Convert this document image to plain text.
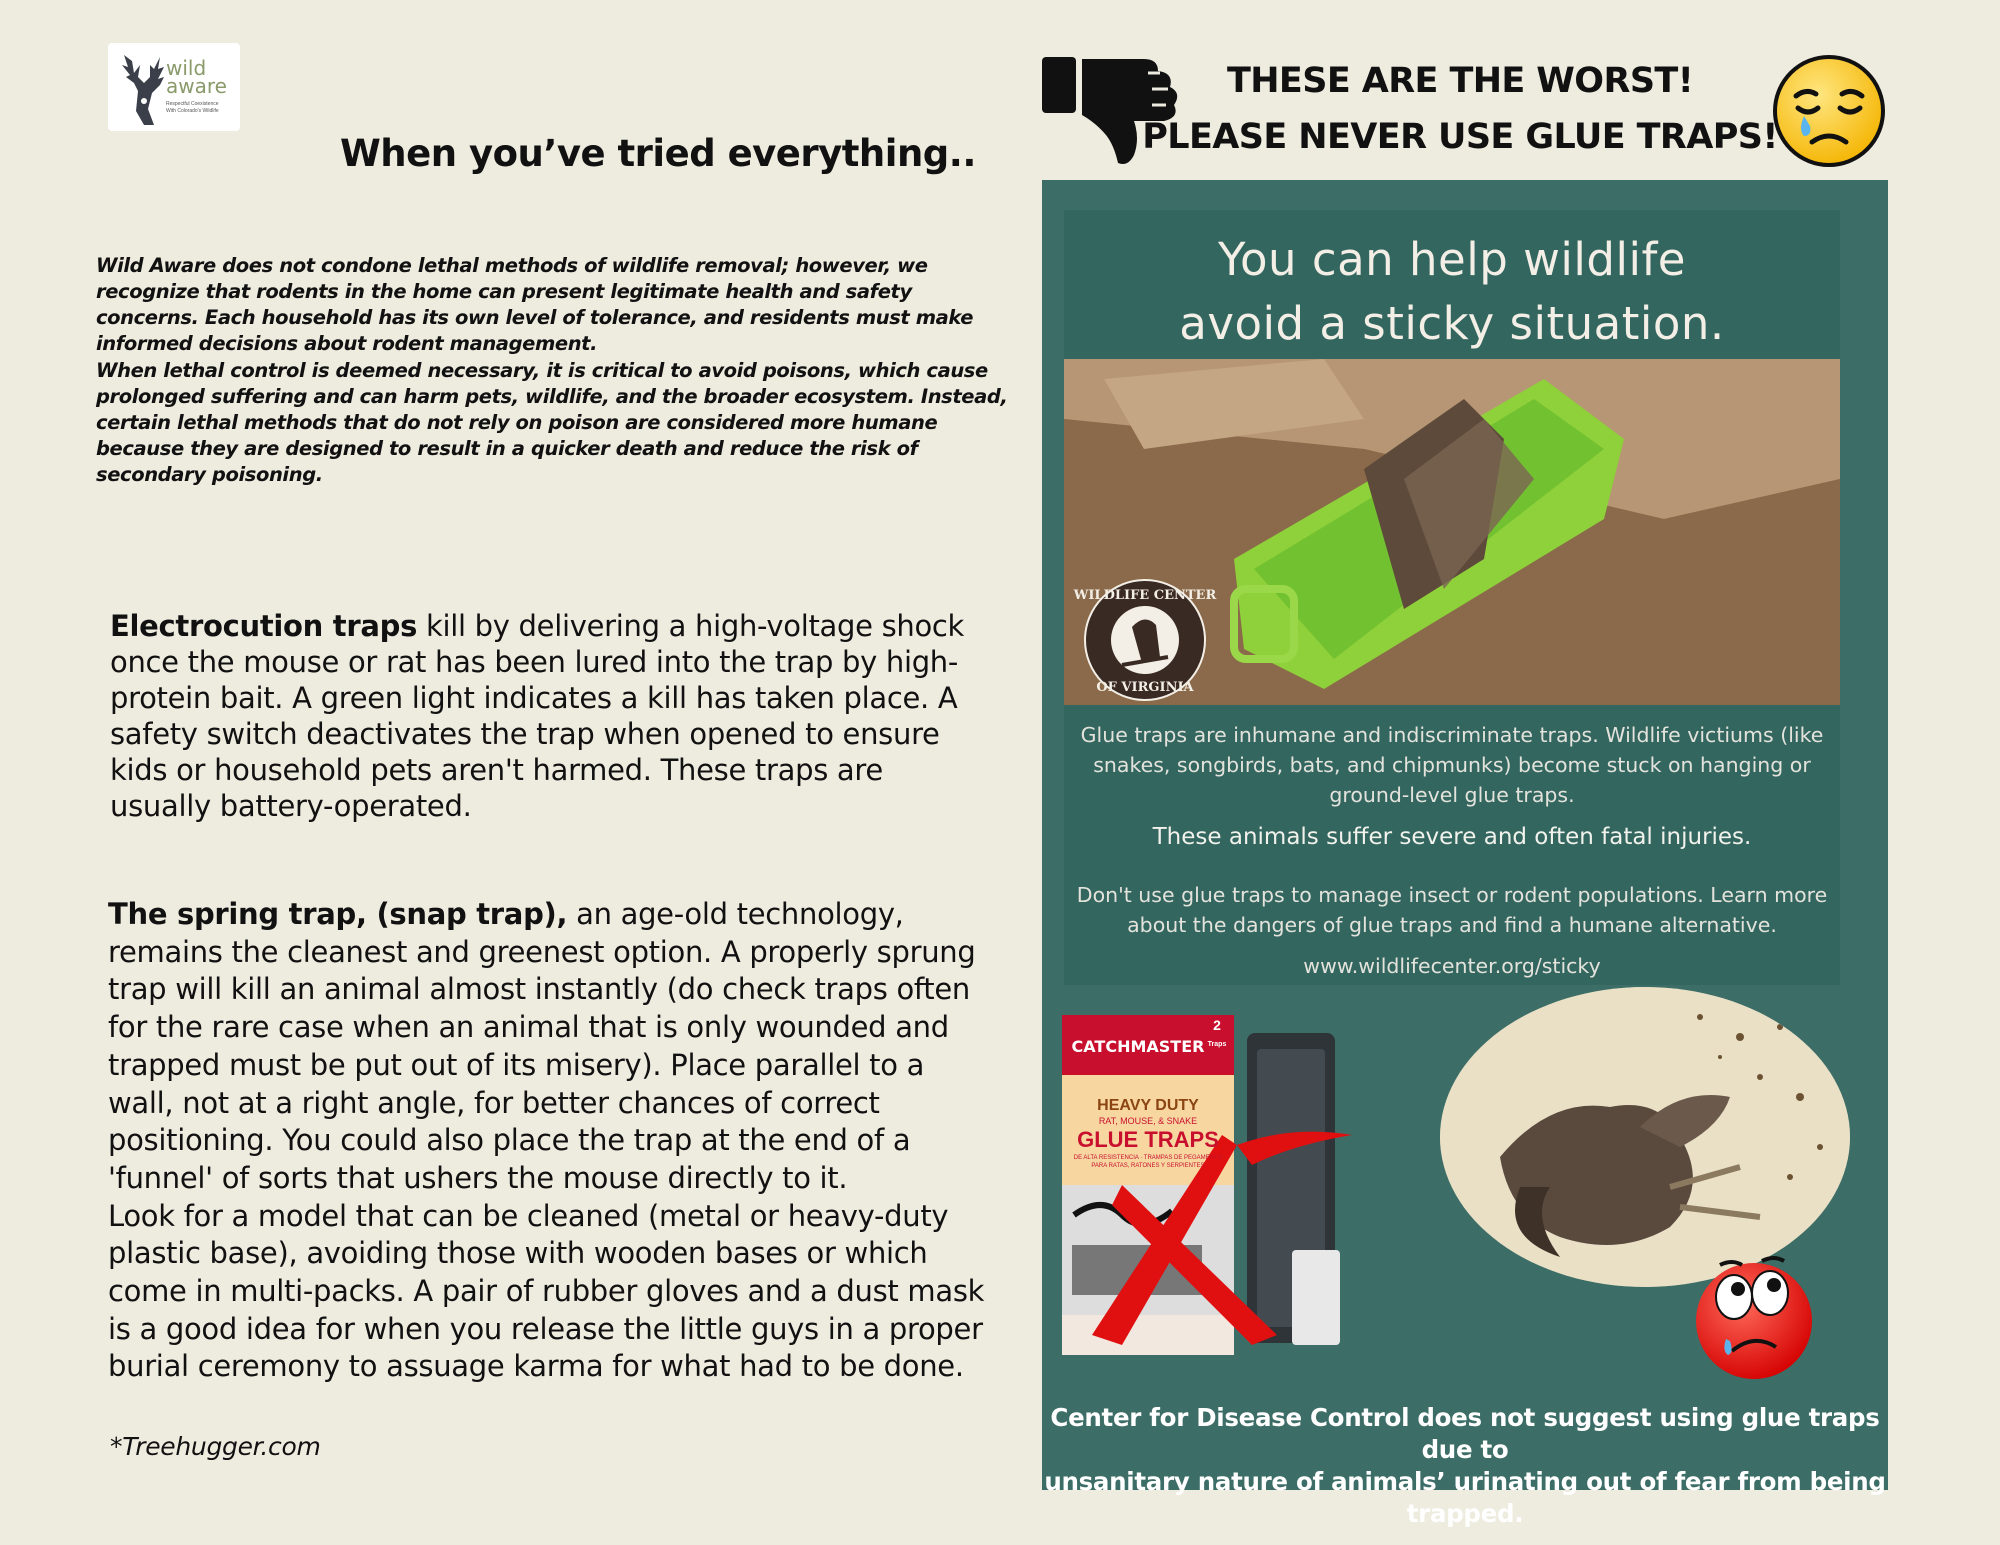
wild
aware
Respectful Coexistence
With Colorado's Wildlife
When you’ve tried everything..
Wild Aware does not condone lethal methods of wildlife removal; however, we recognize that rodents in the home can present legitimate health and safety concerns. Each household has its own level of tolerance, and residents must make informed decisions about rodent management.
When lethal control is deemed necessary, it is critical to avoid poisons, which cause prolonged suffering and can harm pets, wildlife, and the broader ecosystem. Instead, certain lethal methods that do not rely on poison are considered more humane because they are designed to result in a quicker death and reduce the risk of secondary poisoning.
Electrocution traps kill by delivering a high-voltage shock once the mouse or rat has been lured into the trap by high-protein bait. A green light indicates a kill has taken place. A safety switch deactivates the trap when opened to ensure kids or household pets aren't harmed. These traps are usually battery-operated.
The spring trap, (snap trap), an age-old technology, remains the cleanest and greenest option. A properly sprung trap will kill an animal almost instantly (do check traps often for the rare case when an animal that is only wounded and trapped must be put out of its misery). Place parallel to a wall, not at a right angle, for better chances of correct positioning. You could also place the trap at the end of a 'funnel' of sorts that ushers the mouse directly to it.
Look for a model that can be cleaned (metal or heavy-duty plastic base), avoiding those with wooden bases or which come in multi-packs. A pair of rubber gloves and a dust mask is a good idea for when you release the little guys in a proper burial ceremony to assuage karma for what had to be done.
*Treehugger.com
THESE ARE THE WORST!
PLEASE NEVER USE GLUE TRAPS!
You can help wildlife
avoid a sticky situation.
WILDLIFE CENTER
OF VIRGINIA
Glue traps are inhumane and indiscriminate traps. Wildlife victiums (like snakes, songbirds, bats, and chipmunks) become stuck on hanging or ground-level glue traps.
These animals suffer severe and often fatal injuries.
Don't use glue traps to manage insect or rodent populations. Learn more about the dangers of glue traps and find a humane alternative.
www.wildlifecenter.org/sticky
CATCHMASTER
2 Traps
HEAVY DUTY
RAT, MOUSE, & SNAKE
GLUE TRAPS
DE ALTA RESISTENCIA · TRAMPAS DE PEGAMENTO
PARA RATAS, RATONES Y SERPIENTES
Center for Disease Control does not suggest using glue traps due to
unsanitary nature of animals’ urinating out of fear from being trapped.
